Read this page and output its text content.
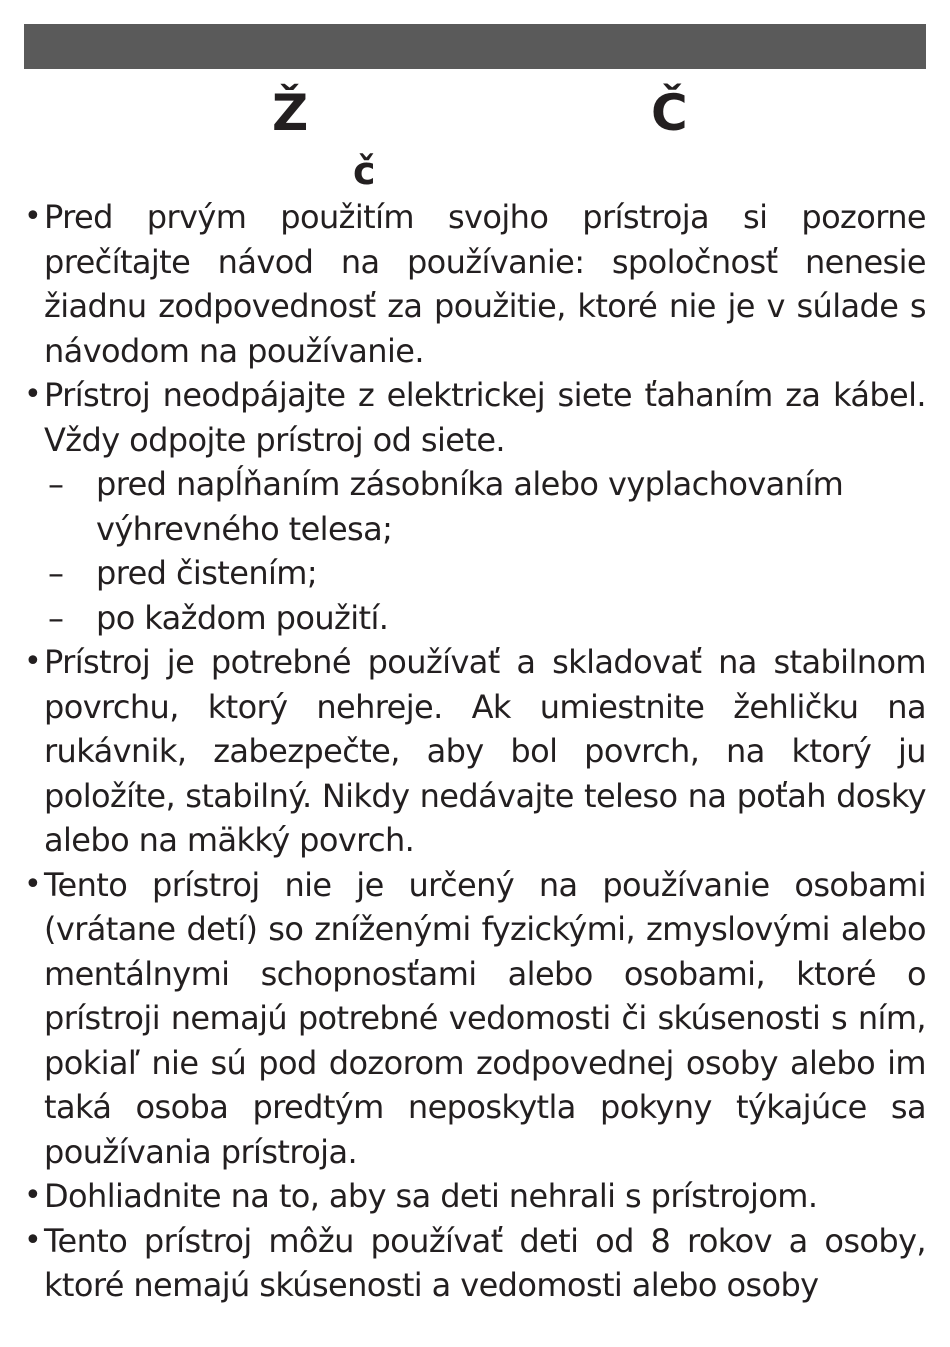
Ž	Č
č
• Pred prvým použitím svojho prístroja si pozorne prečítajte návod na používanie: spoločnosť nenesie žiadnu zodpovednosť za použitie, ktoré nie je v súlade s návodom na používanie.
• Prístroj neodpájajte z elektrickej siete ťahaním za kábel. Vždy odpojte prístroj od siete.
– pred napĺňaním zásobníka alebo vyplachovaním výhrevného telesa;
– pred čistením;
– po každom použití.
• Prístroj je potrebné používať a skladovať na stabilnom povrchu, ktorý nehreje. Ak umiestnite žehličku na rukávnik, zabezpečte, aby bol povrch, na ktorý ju položíte, stabilný. Nikdy nedávajte teleso na poťah dosky alebo na mäkký povrch.
• Tento prístroj nie je určený na používanie osobami (vrátane detí) so zníženými fyzickými, zmyslovými alebo mentálnymi schopnosťami alebo osobami, ktoré o prístroji nemajú potrebné vedomosti či skúsenosti s ním, pokiaľ nie sú pod dozorom zodpovednej osoby alebo im taká osoba predtým neposkytla pokyny týkajúce sa používania prístroja.
• Dohliadnite na to, aby sa deti nehrali s prístrojom.
• Tento prístroj môžu používať deti od 8 rokov a osoby, ktoré nemajú skúsenosti a vedomosti alebo osoby
